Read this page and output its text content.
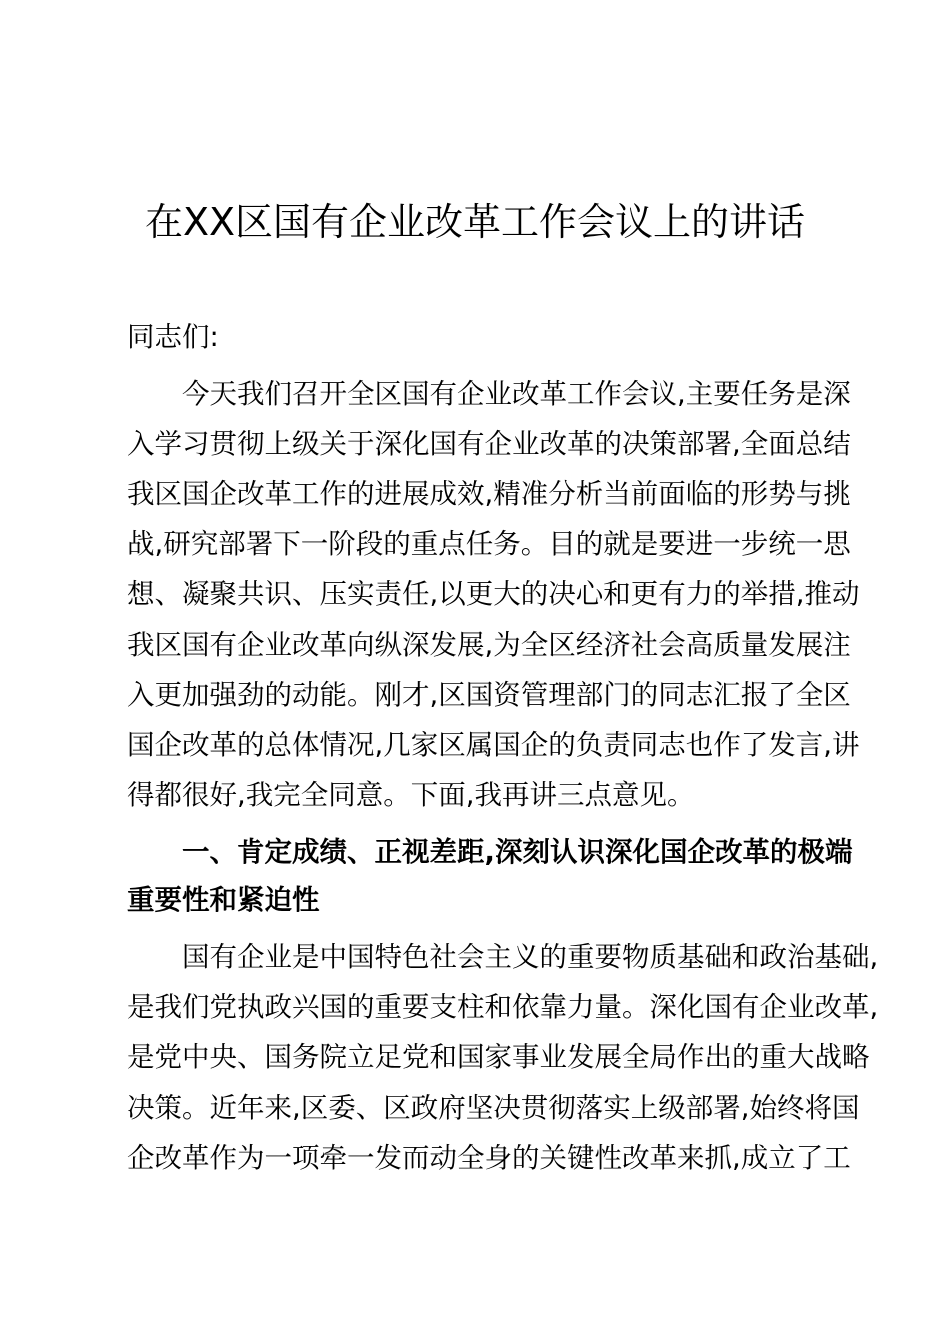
在XX区国有企业改革工作会议上的讲话
同志们:
　　今天我们召开全区国有企业改革工作会议,主要任务是深
入学习贯彻上级关于深化国有企业改革的决策部署,全面总结
我区国企改革工作的进展成效,精准分析当前面临的形势与挑
战,研究部署下一阶段的重点任务。目的就是要进一步统一思
想、凝聚共识、压实责任,以更大的决心和更有力的举措,推动
我区国有企业改革向纵深发展,为全区经济社会高质量发展注
入更加强劲的动能。刚才,区国资管理部门的同志汇报了全区
国企改革的总体情况,几家区属国企的负责同志也作了发言,讲
得都很好,我完全同意。下面,我再讲三点意见。
　　一、肯定成绩、正视差距,深刻认识深化国企改革的极端
重要性和紧迫性
　　国有企业是中国特色社会主义的重要物质基础和政治基础,
是我们党执政兴国的重要支柱和依靠力量。深化国有企业改革,
是党中央、国务院立足党和国家事业发展全局作出的重大战略
决策。近年来,区委、区政府坚决贯彻落实上级部署,始终将国
企改革作为一项牵一发而动全身的关键性改革来抓,成立了工
